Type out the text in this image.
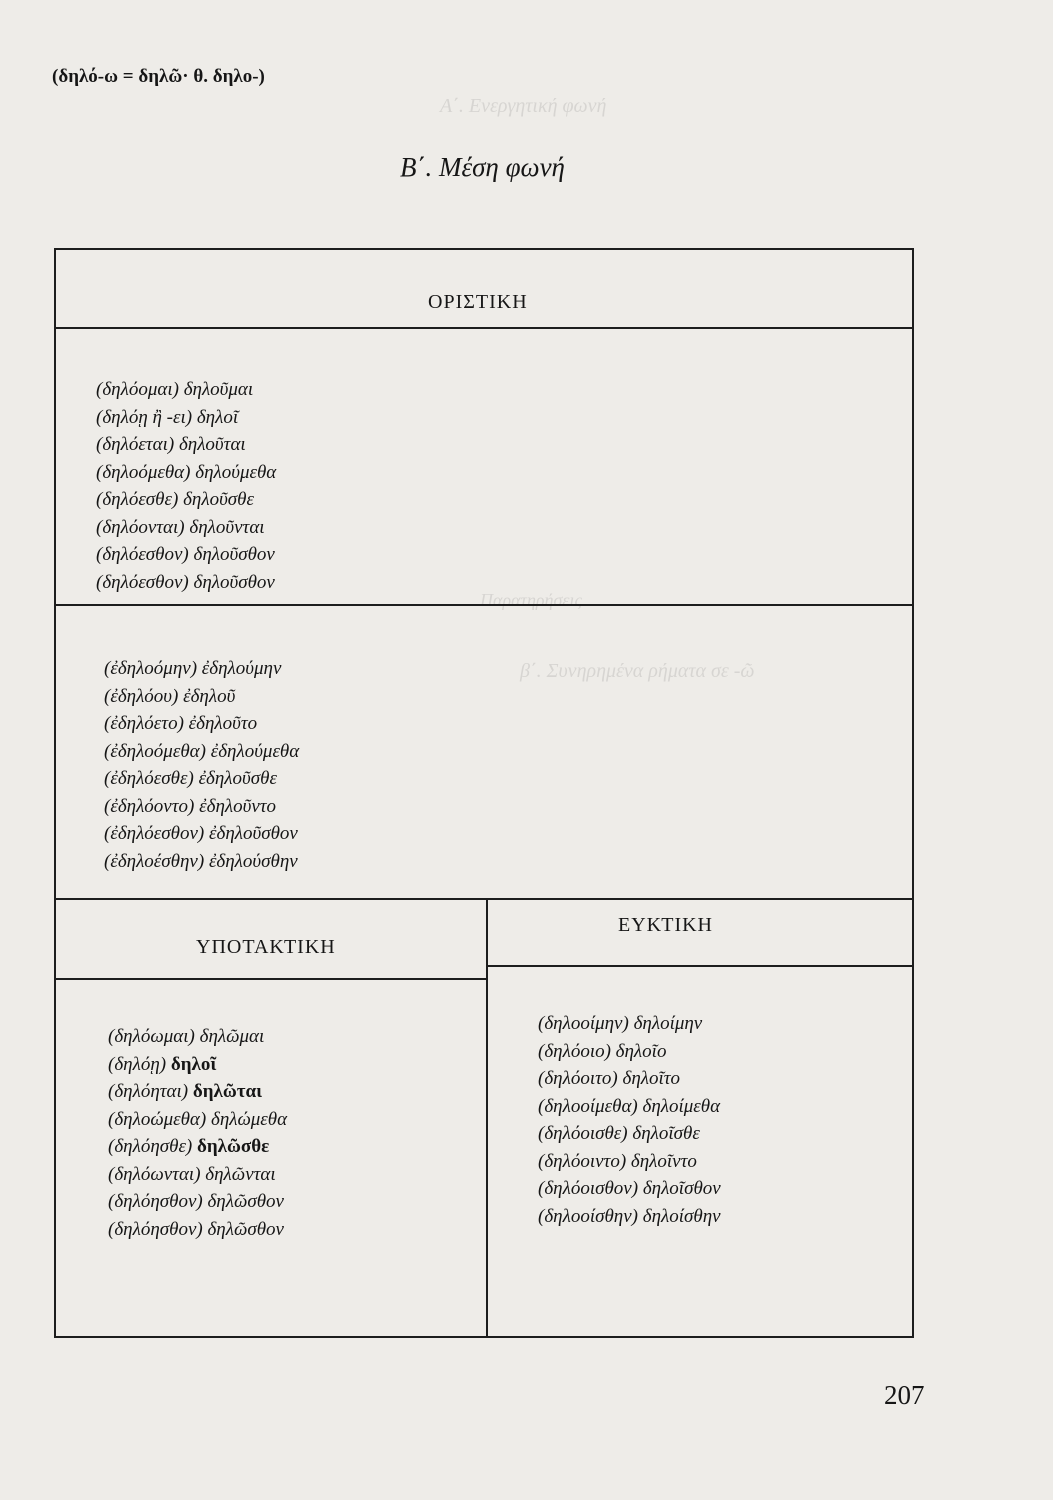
Α΄. Ενεργητική φωνή
Παρατηρήσεις
β΄. Συνηρημένα ρήματα σε -ῶ
(δηλό-ω = δηλῶ· θ. δηλο-)
Β΄. Μέση φωνή
ΟΡΙΣΤΙΚΗ
(δηλόομαι) δηλοῦμαι
(δηλόῃ ἢ -ει) δηλοῖ
(δηλόεται) δηλοῦται
(δηλοόμεθα) δηλούμεθα
(δηλόεσθε) δηλοῦσθε
(δηλόονται) δηλοῦνται
(δηλόεσθον) δηλοῦσθον
(δηλόεσθον) δηλοῦσθον
(ἐδηλοόμην) ἐδηλούμην
(ἐδηλόου) ἐδηλοῦ
(ἐδηλόετο) ἐδηλοῦτο
(ἐδηλοόμεθα) ἐδηλούμεθα
(ἐδηλόεσθε) ἐδηλοῦσθε
(ἐδηλόοντο) ἐδηλοῦντο
(ἐδηλόεσθον) ἐδηλοῦσθον
(ἐδηλοέσθην) ἐδηλούσθην
ΥΠΟΤΑΚΤΙΚΗ
ΕΥΚΤΙΚΗ
(δηλόωμαι) δηλῶμαι
(δηλόῃ) δηλοῖ
(δηλόηται) δηλῶται
(δηλοώμεθα) δηλώμεθα
(δηλόησθε) δηλῶσθε
(δηλόωνται) δηλῶνται
(δηλόησθον) δηλῶσθον
(δηλόησθον) δηλῶσθον
(δηλοοίμην) δηλοίμην
(δηλόοιο) δηλοῖο
(δηλόοιτο) δηλοῖτο
(δηλοοίμεθα) δηλοίμεθα
(δηλόοισθε) δηλοῖσθε
(δηλόοιντο) δηλοῖντο
(δηλόοισθον) δηλοῖσθον
(δηλοοίσθην) δηλοίσθην
207
